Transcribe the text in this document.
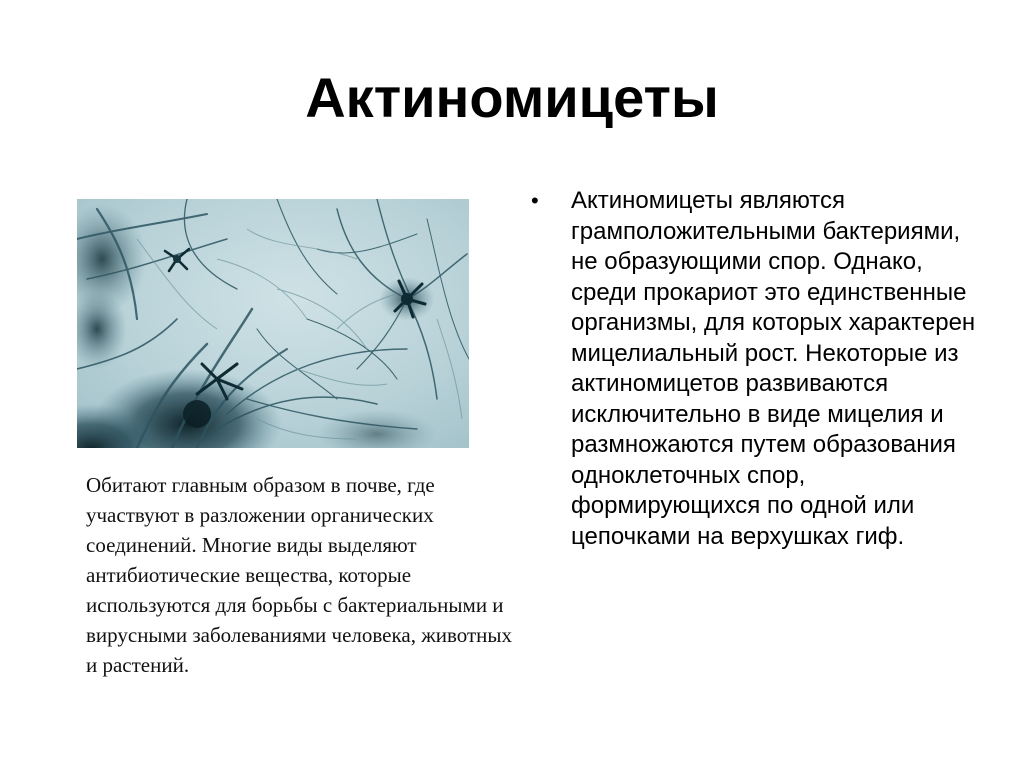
Актиномицеты

Обитают главным образом в почве, где участвуют в разложении органических соединений. Многие виды выделяют антибиотические вещества, которые используются для борьбы с бактериальными и вирусными заболеваниями человека, животных и растений.

• Актиномицеты являются грамположительными бактериями, не образующими спор. Однако, среди прокариот это единственные организмы, для которых характерен мицелиальный рост. Некоторые из актиномицетов развиваются исключительно в виде мицелия и размножаются путем образования одноклеточных спор, формирующихся по одной или цепочками на верхушках гиф.
